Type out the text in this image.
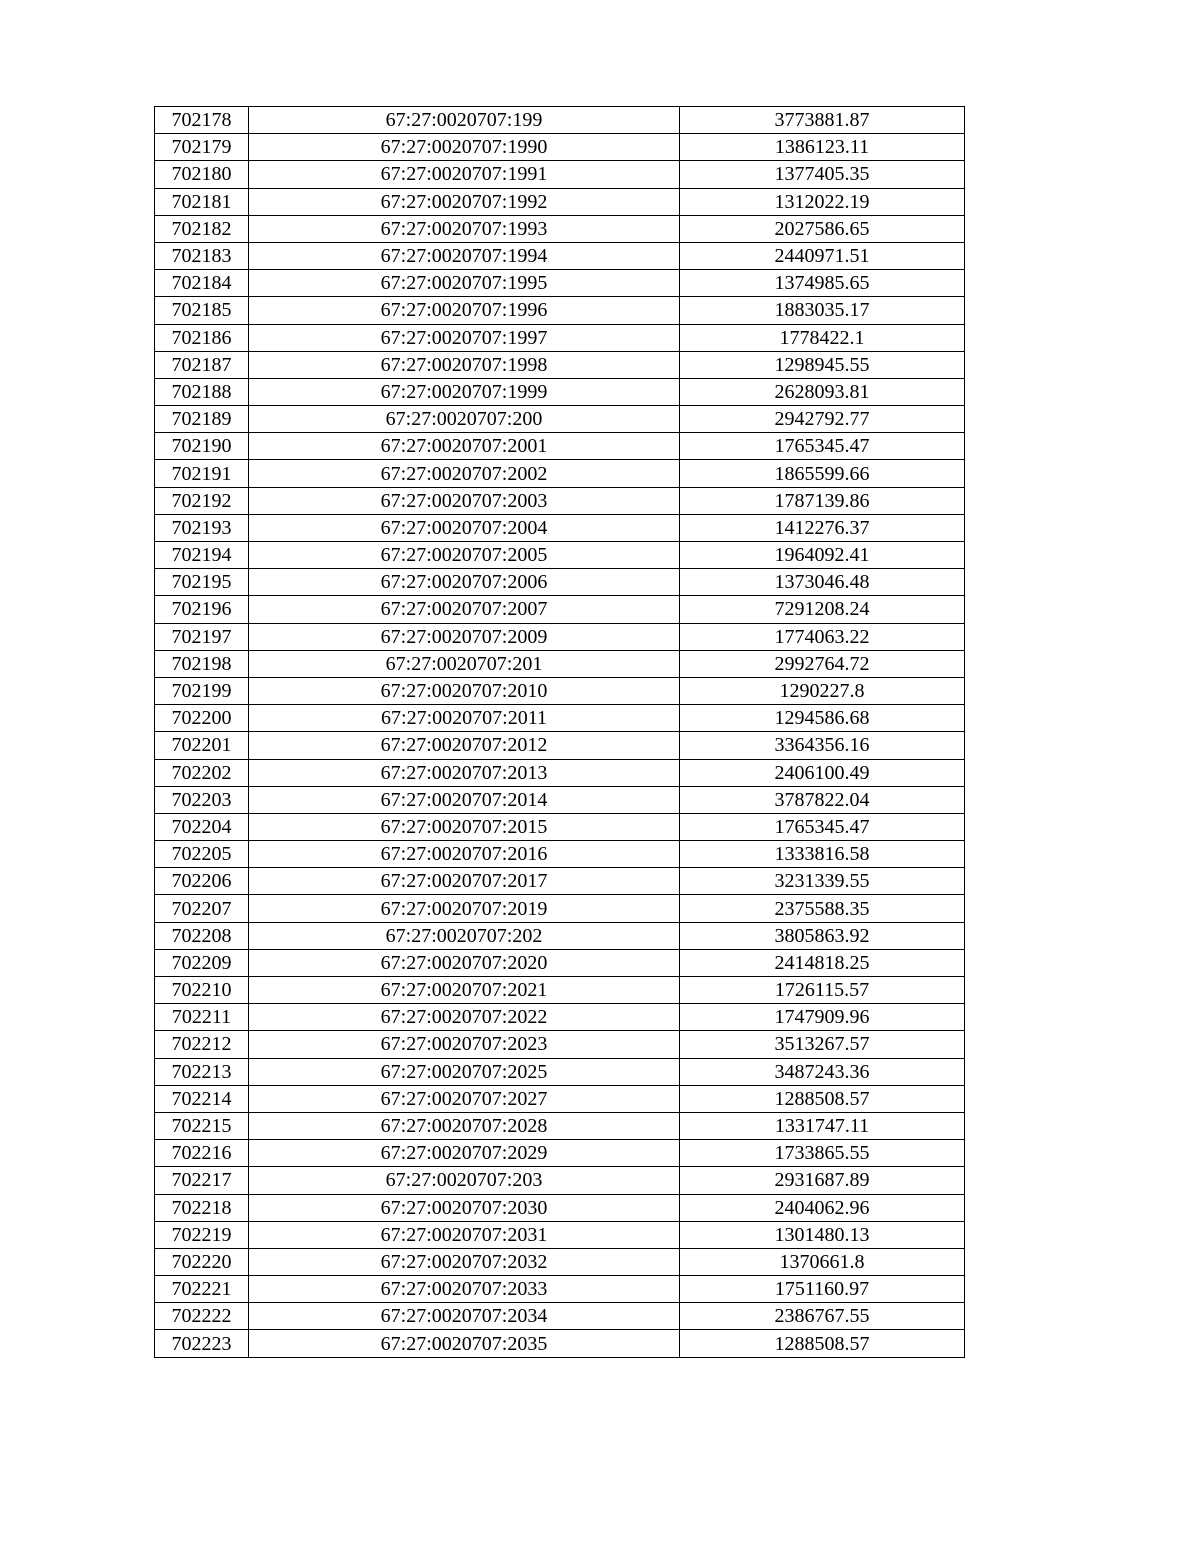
702178	67:27:0020707:199	3773881.87
702179	67:27:0020707:1990	1386123.11
702180	67:27:0020707:1991	1377405.35
702181	67:27:0020707:1992	1312022.19
702182	67:27:0020707:1993	2027586.65
702183	67:27:0020707:1994	2440971.51
702184	67:27:0020707:1995	1374985.65
702185	67:27:0020707:1996	1883035.17
702186	67:27:0020707:1997	1778422.1
702187	67:27:0020707:1998	1298945.55
702188	67:27:0020707:1999	2628093.81
702189	67:27:0020707:200	2942792.77
702190	67:27:0020707:2001	1765345.47
702191	67:27:0020707:2002	1865599.66
702192	67:27:0020707:2003	1787139.86
702193	67:27:0020707:2004	1412276.37
702194	67:27:0020707:2005	1964092.41
702195	67:27:0020707:2006	1373046.48
702196	67:27:0020707:2007	7291208.24
702197	67:27:0020707:2009	1774063.22
702198	67:27:0020707:201	2992764.72
702199	67:27:0020707:2010	1290227.8
702200	67:27:0020707:2011	1294586.68
702201	67:27:0020707:2012	3364356.16
702202	67:27:0020707:2013	2406100.49
702203	67:27:0020707:2014	3787822.04
702204	67:27:0020707:2015	1765345.47
702205	67:27:0020707:2016	1333816.58
702206	67:27:0020707:2017	3231339.55
702207	67:27:0020707:2019	2375588.35
702208	67:27:0020707:202	3805863.92
702209	67:27:0020707:2020	2414818.25
702210	67:27:0020707:2021	1726115.57
702211	67:27:0020707:2022	1747909.96
702212	67:27:0020707:2023	3513267.57
702213	67:27:0020707:2025	3487243.36
702214	67:27:0020707:2027	1288508.57
702215	67:27:0020707:2028	1331747.11
702216	67:27:0020707:2029	1733865.55
702217	67:27:0020707:203	2931687.89
702218	67:27:0020707:2030	2404062.96
702219	67:27:0020707:2031	1301480.13
702220	67:27:0020707:2032	1370661.8
702221	67:27:0020707:2033	1751160.97
702222	67:27:0020707:2034	2386767.55
702223	67:27:0020707:2035	1288508.57
